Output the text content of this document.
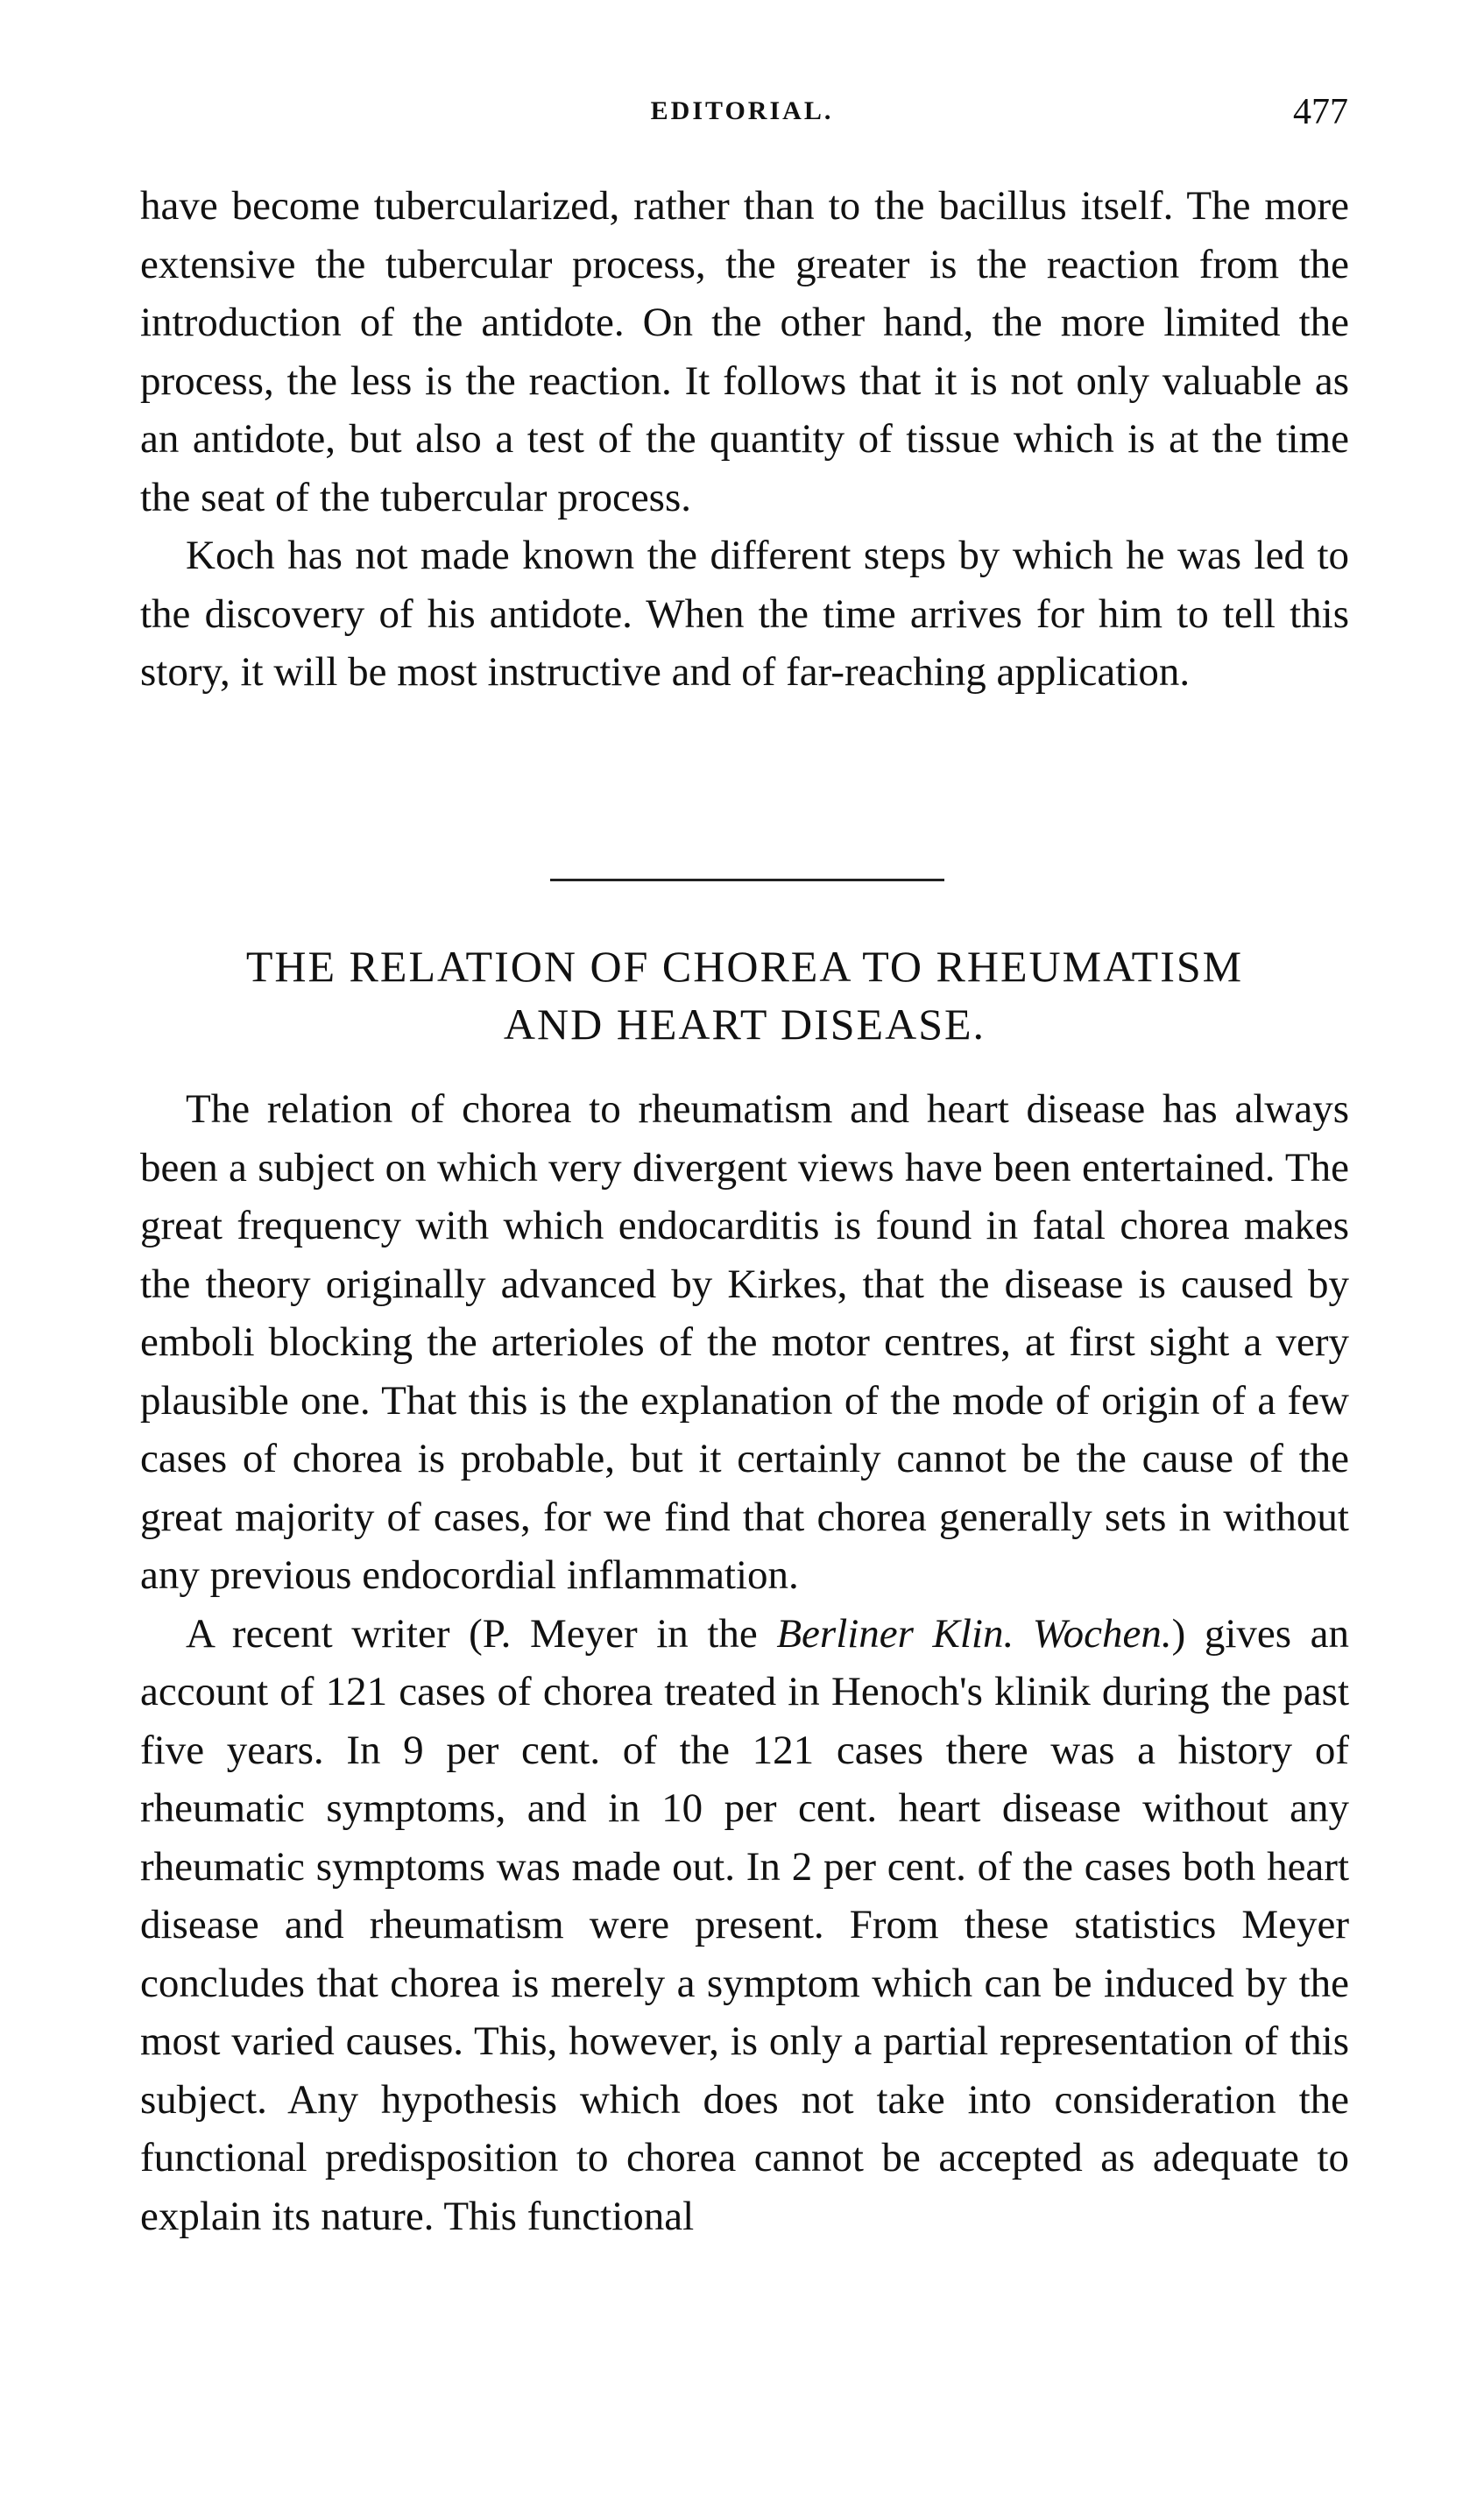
EDITORIAL.	477

have become tubercularized, rather than to the bacillus itself. The more extensive the tubercular process, the greater is the reaction from the introduction of the antidote. On the other hand, the more limited the process, the less is the reaction. It follows that it is not only valuable as an antidote, but also a test of the quantity of tissue which is at the time the seat of the tubercular process.

Koch has not made known the different steps by which he was led to the discovery of his antidote. When the time arrives for him to tell this story, it will be most instructive and of far-reaching application.

THE RELATION OF CHOREA TO RHEUMATISM
AND HEART DISEASE.

The relation of chorea to rheumatism and heart disease has always been a subject on which very divergent views have been entertained. The great frequency with which endocarditis is found in fatal chorea makes the theory originally advanced by Kirkes, that the disease is caused by emboli blocking the arterioles of the motor centres, at first sight a very plausible one. That this is the explanation of the mode of origin of a few cases of chorea is probable, but it certainly cannot be the cause of the great majority of cases, for we find that chorea generally sets in without any previous endocordial inflammation.

A recent writer (P. Meyer in the Berliner Klin. Wochen.) gives an account of 121 cases of chorea treated in Henoch's klinik during the past five years. In 9 per cent. of the 121 cases there was a history of rheumatic symptoms, and in 10 per cent. heart disease without any rheumatic symptoms was made out. In 2 per cent. of the cases both heart disease and rheumatism were present. From these statistics Meyer concludes that chorea is merely a symptom which can be induced by the most varied causes. This, however, is only a partial representation of this subject. Any hypothesis which does not take into consideration the functional predisposition to chorea cannot be accepted as adequate to explain its nature. This functional
